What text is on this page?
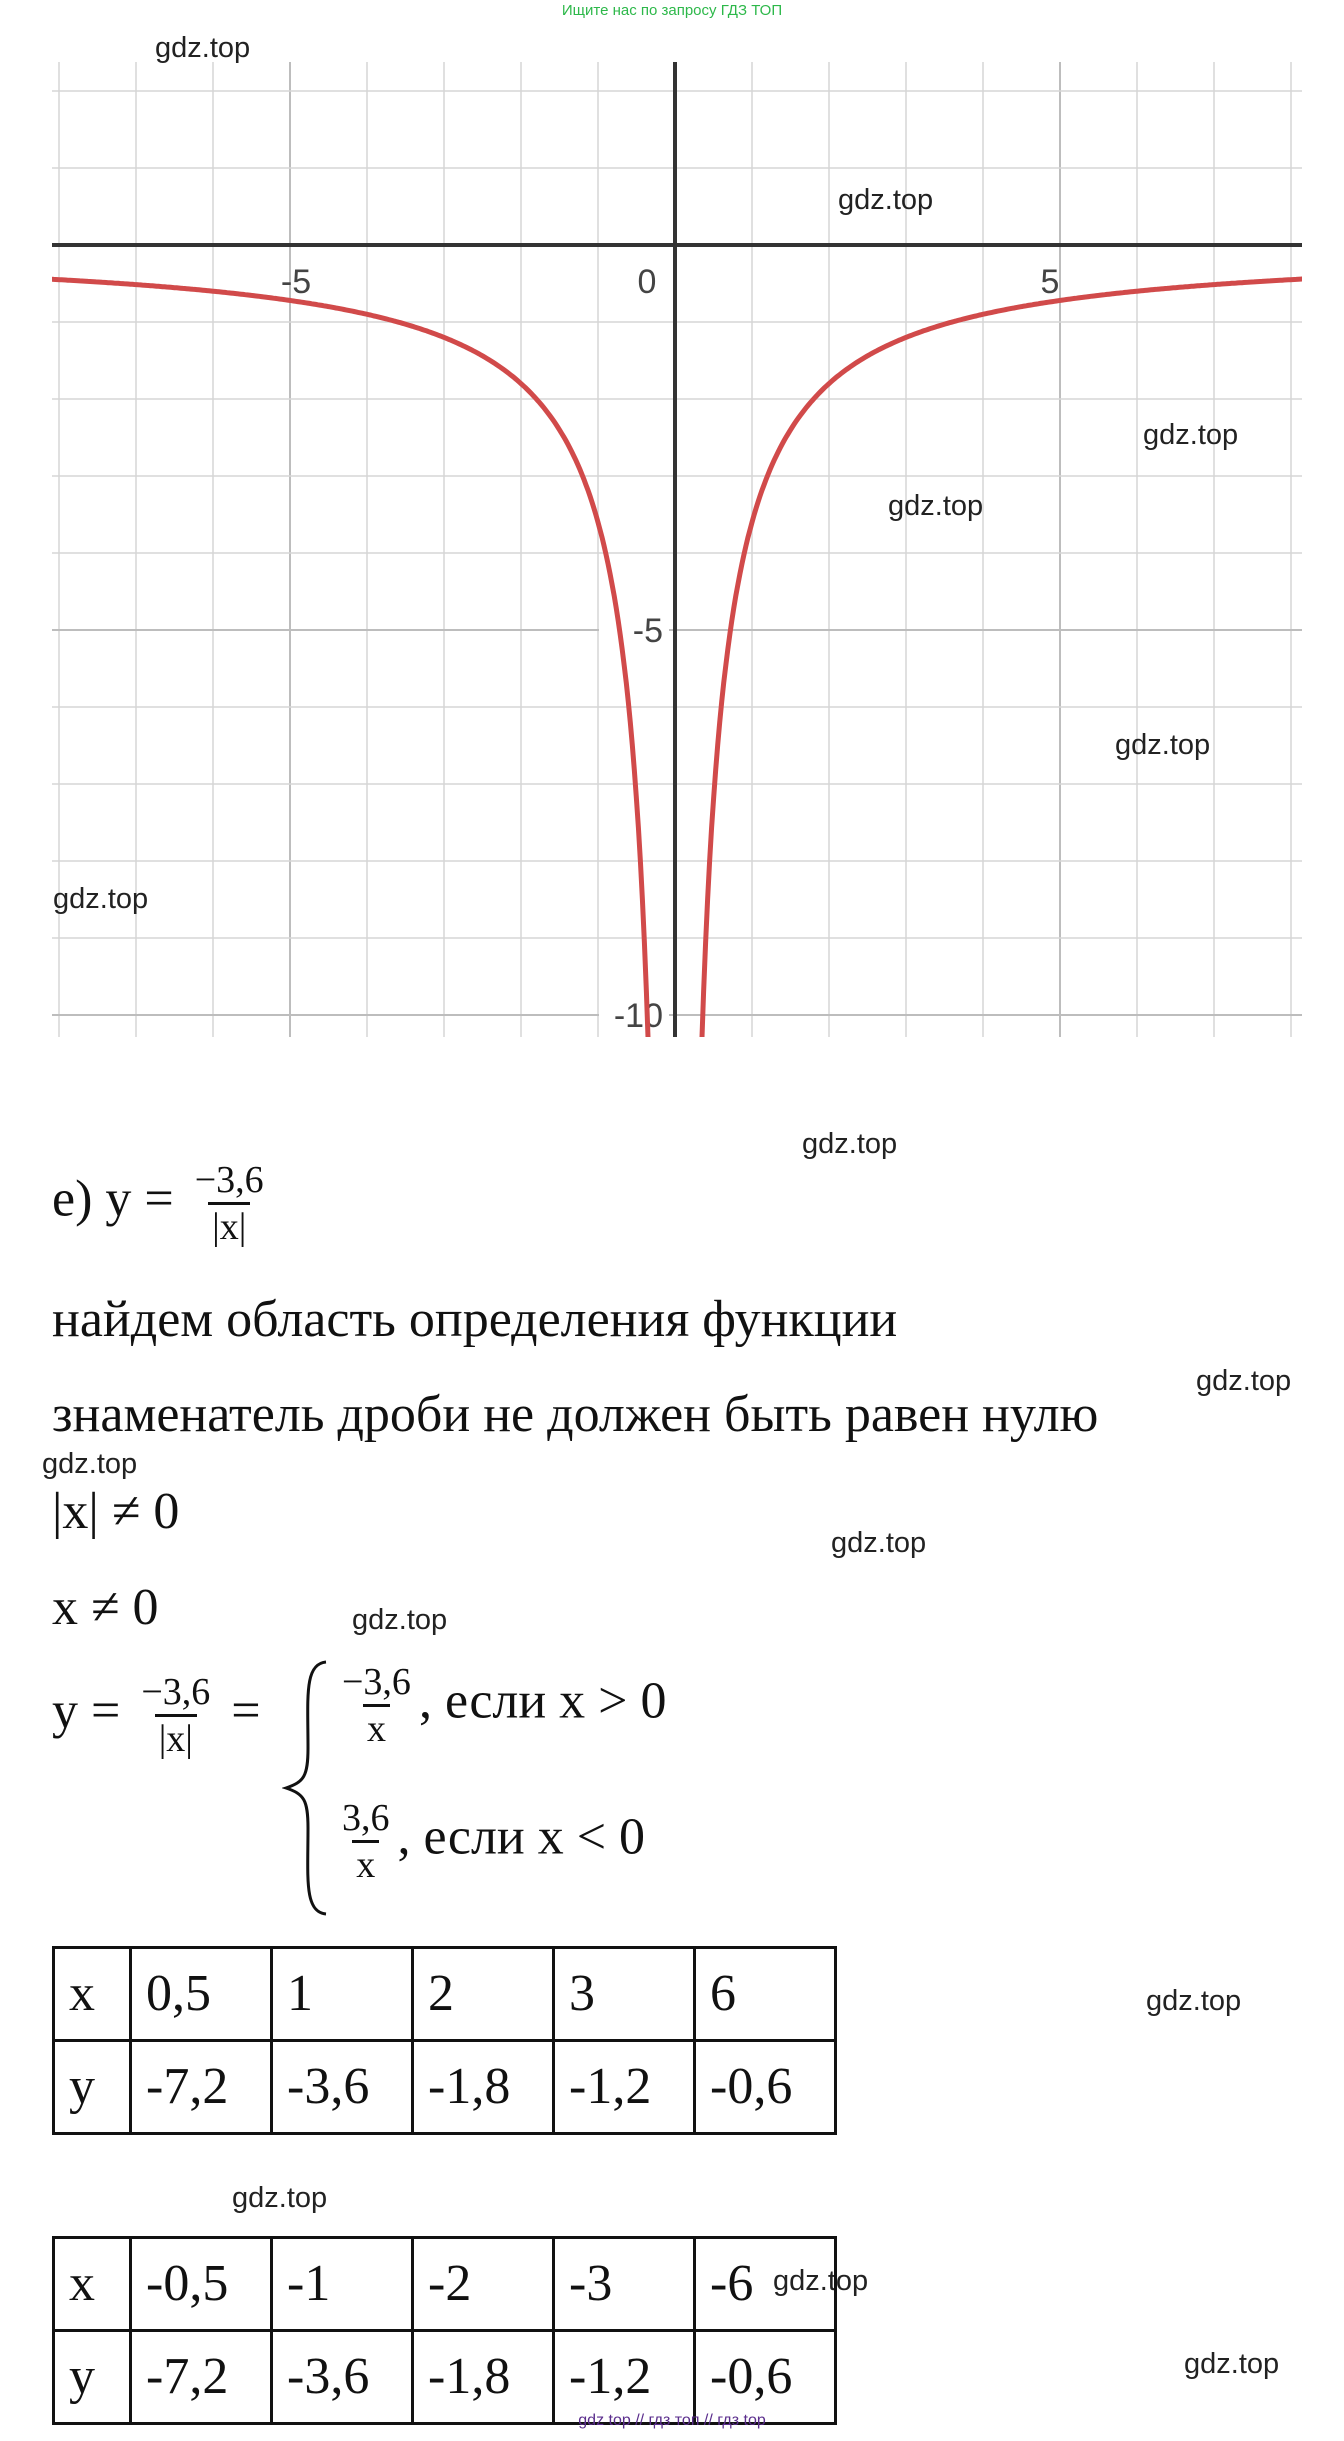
Ищите нас по запросу ГДЗ ТОП
-5	0	5
-5
-10
gdz.top
gdz.top
gdz.top
gdz.top
gdz.top
gdz.top
gdz.top
gdz.top
gdz.top
gdz.top
gdz.top
gdz.top
gdz.top
gdz.top
gdz.top
е) $y = \frac{-3,6}{|x|}$
найдем область определения функции
знаменатель дроби не должен быть равен нулю
|x| ≠ 0
x ≠ 0
$y = \frac{-3,6}{|x|} = \frac{-3,6}{x}$ , если x > 0
$\frac{3,6}{x}$ , если x < 0
x	0,5	1	2	3	6
y	-7,2	-3,6	-1,8	-1,2	-0,6
x	-0,5	-1	-2	-3	-6
y	-7,2	-3,6	-1,8	-1,2	-0,6
gdz top // гдз топ // гдз top
